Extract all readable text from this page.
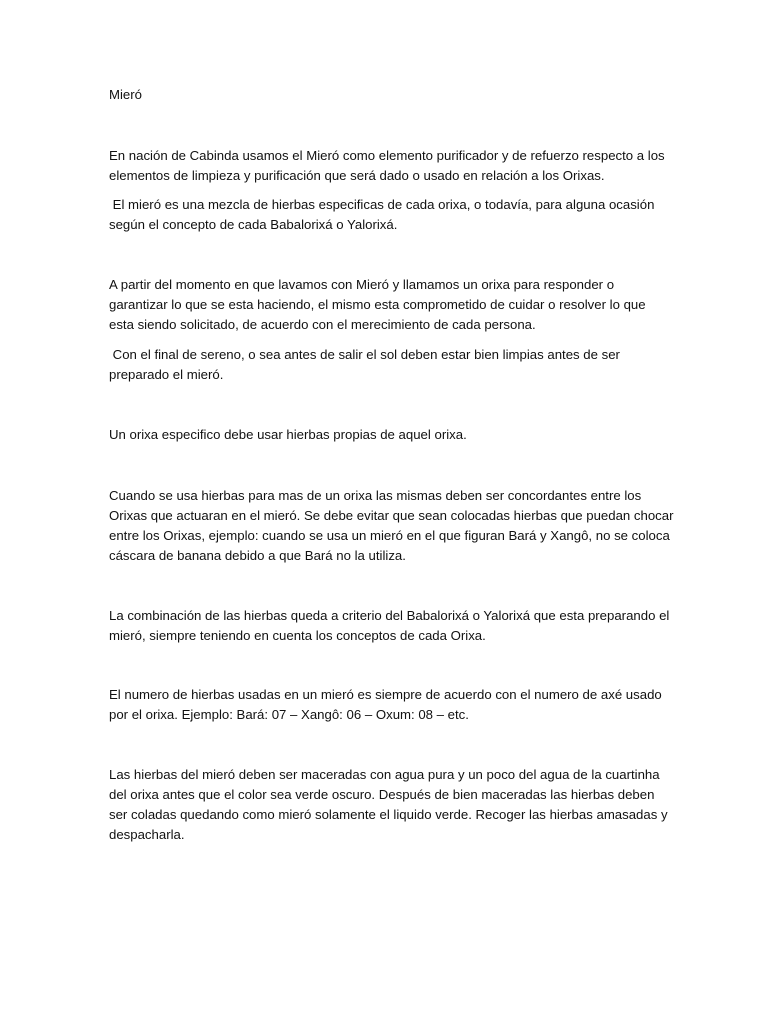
Mieró
En nación de Cabinda usamos el Mieró como elemento purificador y de refuerzo respecto a los
elementos de limpieza y purificación que será dado o usado en relación a los Orixas.
El mieró es una mezcla de hierbas especificas de cada orixa, o todavía, para alguna ocasión
según el concepto de cada Babalorixá o Yalorixá.
A partir del momento en que lavamos con Mieró y llamamos un orixa para responder o
garantizar lo que se esta haciendo, el mismo esta comprometido de cuidar o resolver lo que
esta siendo solicitado, de acuerdo con el merecimiento de cada persona.
Con el final de sereno, o sea antes de salir el sol deben estar bien limpias antes de ser
preparado el mieró.
Un orixa especifico debe usar hierbas propias de aquel orixa.
Cuando se usa hierbas para mas de un orixa las mismas deben ser concordantes entre los
Orixas que actuaran en el mieró. Se debe evitar que sean colocadas hierbas que puedan chocar
entre los Orixas, ejemplo: cuando se usa un mieró en el que figuran Bará y Xangô, no se coloca
cáscara de banana debido a que Bará no la utiliza.
La combinación de las hierbas queda a criterio del Babalorixá o Yalorixá que esta preparando el
mieró, siempre teniendo en cuenta los conceptos de cada Orixa.
El numero de hierbas usadas en un mieró es siempre de acuerdo con el numero de axé usado
por el orixa. Ejemplo: Bará: 07 – Xangô: 06 – Oxum: 08 – etc.
Las hierbas del mieró deben ser maceradas con agua pura y un poco del agua de la cuartinha
del orixa antes que el color sea verde oscuro. Después de bien maceradas las hierbas deben
ser coladas quedando como mieró solamente el liquido verde. Recoger las hierbas amasadas y
despacharla.
